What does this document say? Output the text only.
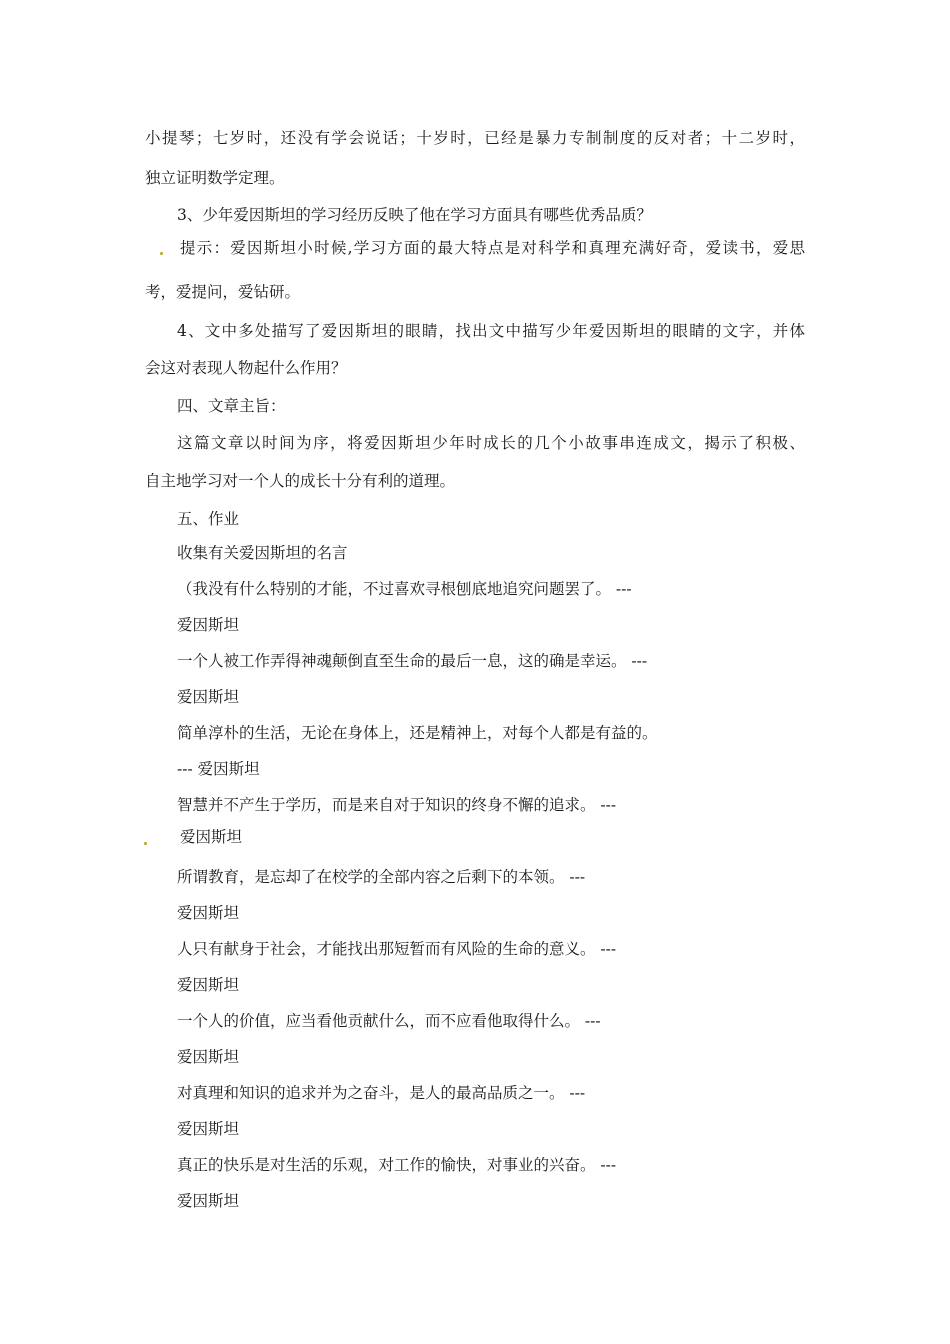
小提琴；七岁时，还没有学会说话；十岁时，已经是暴力专制制度的反对者；十二岁时，
独立证明数学定理。
3、少年爱因斯坦的学习经历反映了他在学习方面具有哪些优秀品质？
提示：爱因斯坦小时候,学习方面的最大特点是对科学和真理充满好奇，爱读书，爱思
考，爱提问，爱钻研。
4、文中多处描写了爱因斯坦的眼睛，找出文中描写少年爱因斯坦的眼睛的文字，并体
会这对表现人物起什么作用？
四、文章主旨：
这篇文章以时间为序，将爱因斯坦少年时成长的几个小故事串连成文，揭示了积极、
自主地学习对一个人的成长十分有利的道理。
五、作业
收集有关爱因斯坦的名言
（我没有什么特别的才能，不过喜欢寻根刨底地追究问题罢了。 ---
爱因斯坦
一个人被工作弄得神魂颠倒直至生命的最后一息，这的确是幸运。 ---
爱因斯坦
简单淳朴的生活，无论在身体上，还是精神上，对每个人都是有益的。
--- 爱因斯坦
智慧并不产生于学历，而是来自对于知识的终身不懈的追求。 ---
爱因斯坦
所谓教育，是忘却了在校学的全部内容之后剩下的本领。 ---
爱因斯坦
人只有献身于社会，才能找出那短暂而有风险的生命的意义。 ---
爱因斯坦
一个人的价值，应当看他贡献什么，而不应看他取得什么。 ---
爱因斯坦
对真理和知识的追求并为之奋斗，是人的最高品质之一。 ---
爱因斯坦
真正的快乐是对生活的乐观，对工作的愉快，对事业的兴奋。 ---
爱因斯坦
